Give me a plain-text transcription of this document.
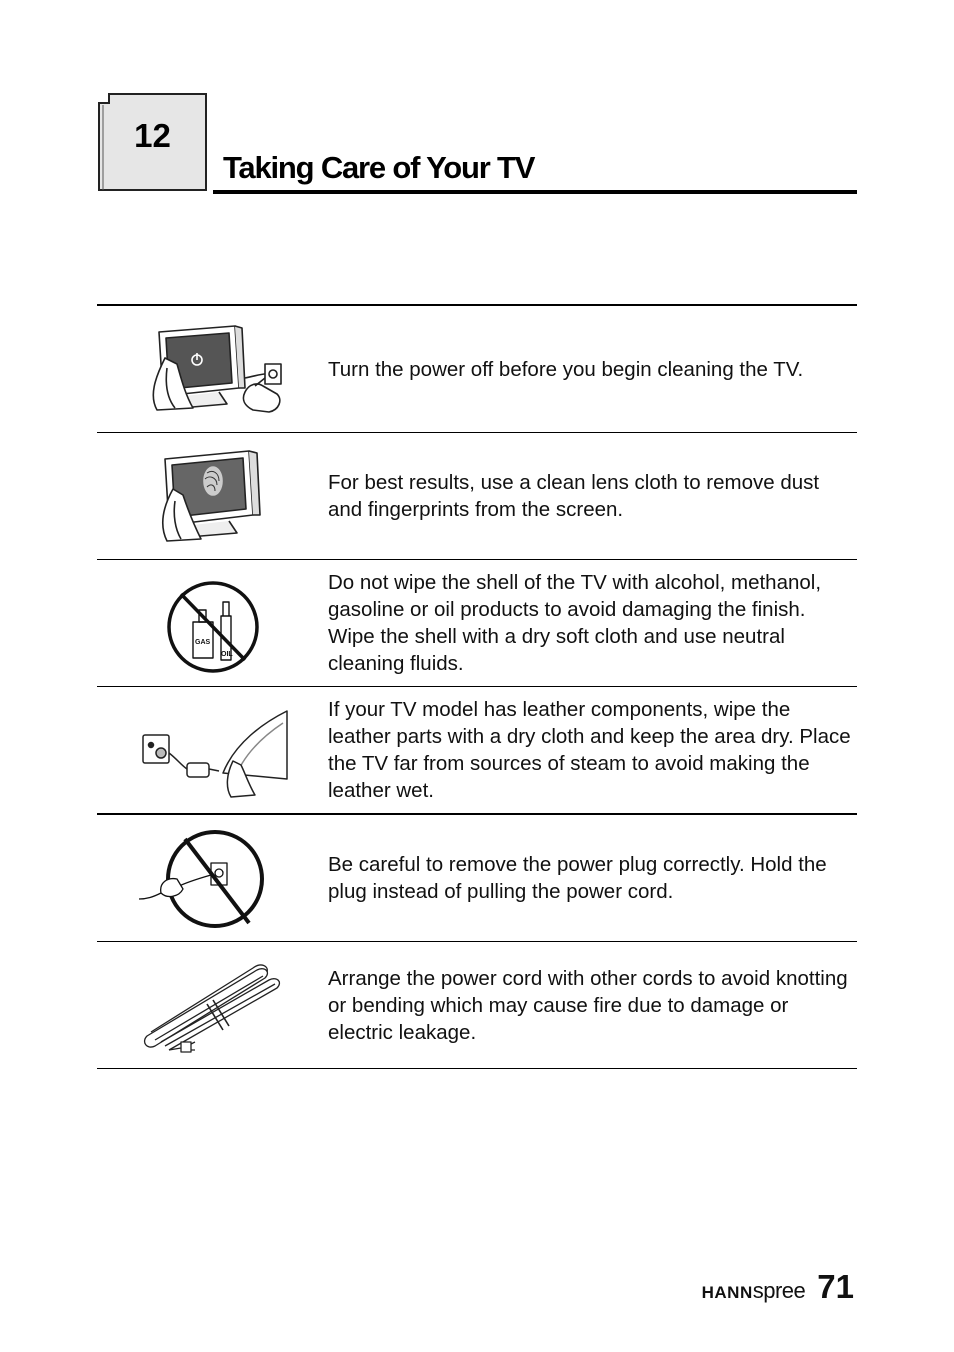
12
Taking Care of Your TV
Turn the power off before you begin cleaning the TV.
For best results, use a clean lens cloth to remove dust and fingerprints from the screen.
GAS
OIL
Do not wipe the shell of the TV with alcohol, methanol, gasoline or oil products to avoid damaging the finish. Wipe the shell with a dry soft cloth and use neutral cleaning fluids.
If your TV model has leather components, wipe the leather parts with a dry cloth and keep the area dry. Place the TV far from sources of steam to avoid making the leather wet.
Be careful to remove the power plug correctly. Hold the plug instead of pulling the power cord.
Arrange the power cord with other cords to avoid knotting or bending which may cause fire due to damage or electric leakage.
HANN spree 71
